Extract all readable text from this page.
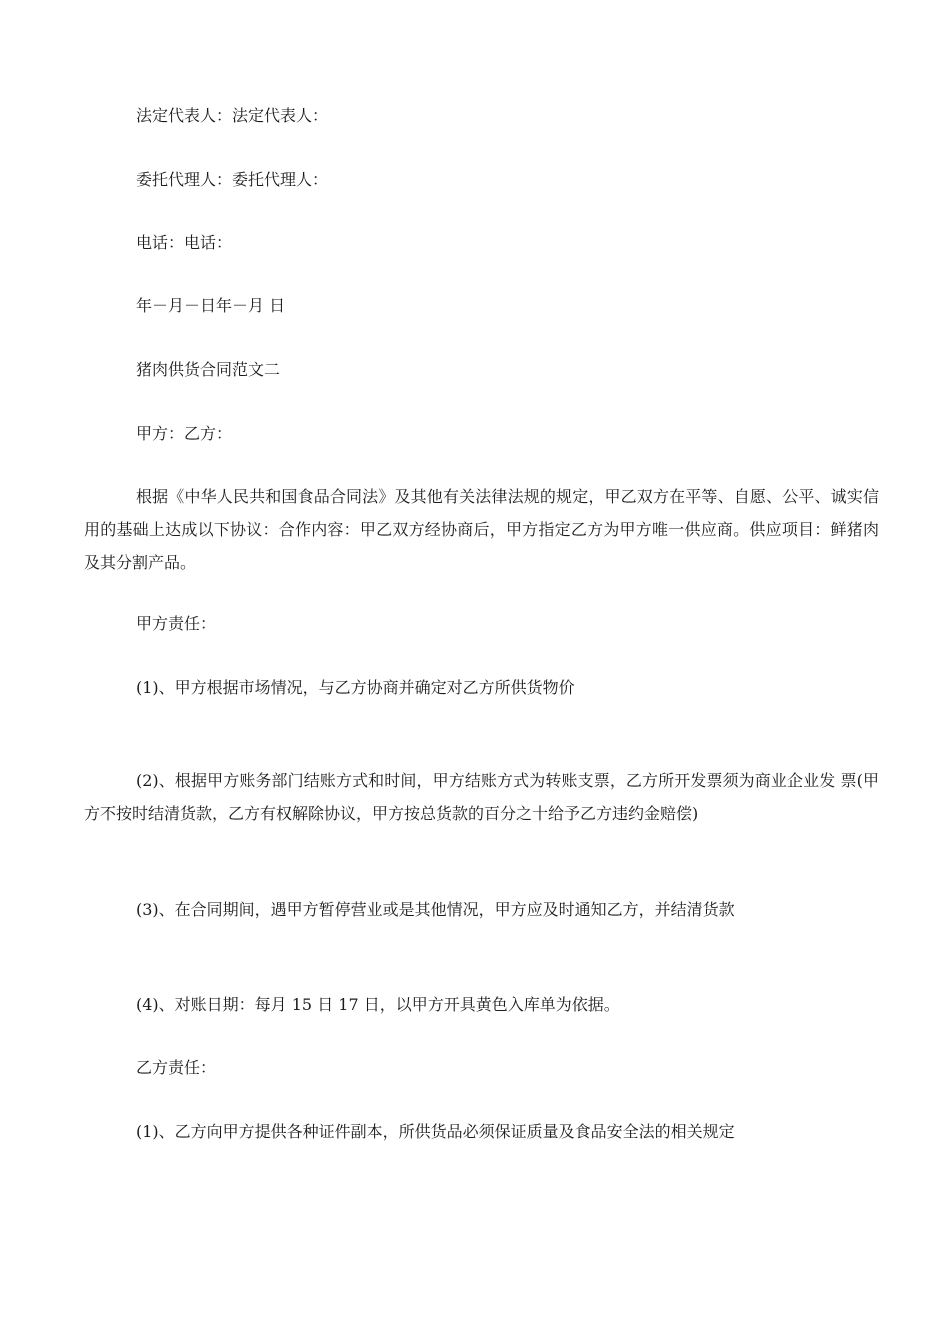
法定代表人：法定代表人：
委托代理人：委托代理人：
电话：电话：
年－月－日年－月 日
猪肉供货合同范文二
甲方：乙方：
根据《中华人民共和国食品合同法》及其他有关法律法规的规定，甲乙双方在平等、自愿、公平、诚实信用的基础上达成以下协议：合作内容：甲乙双方经协商后，甲方指定乙方为甲方唯一供应商。供应项目：鲜猪肉及其分割产品。
甲方责任：
(1)、甲方根据市场情况，与乙方协商并确定对乙方所供货物价
(2)、根据甲方账务部门结账方式和时间，甲方结账方式为转账支票，乙方所开发票须为商业企业发 票(甲方不按时结清货款，乙方有权解除协议，甲方按总货款的百分之十给予乙方违约金赔偿)
(3)、在合同期间，遇甲方暂停营业或是其他情况，甲方应及时通知乙方，并结清货款
(4)、对账日期：每月 15 日 17 日，以甲方开具黄色入库单为依据。
乙方责任：
(1)、乙方向甲方提供各种证件副本，所供货品必须保证质量及食品安全法的相关规定
